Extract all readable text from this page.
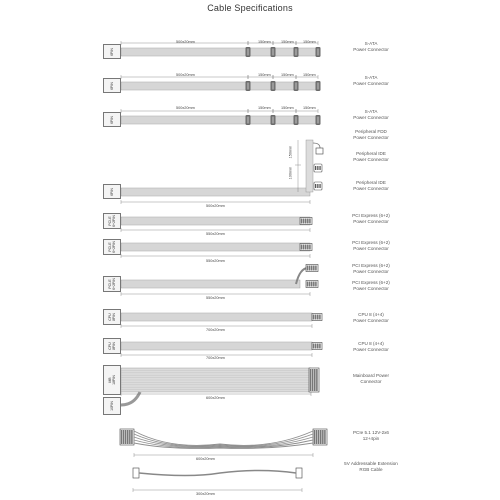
Cable Specifications
6PIN
6PIN
6PIN
6PIN
PCI-E
6+2PIN
PCI-E
6+2PIN
PCI-E
6+2PIN
CPU
8PIN
CPU
8PIN
MB
18PIN
10PIN
S-ATA
Power Connector
S-ATA
Power Connector
S-ATA
Power Connector
Peripheral FDD
Power Connector
Peripheral IDE
Power Connector
Peripheral IDE
Power Connector
PCI Express (6+2)
Power Connector
PCI Express (6+2)
Power Connector
PCI Express (6+2)
Power Connector
PCI Express (6+2)
Power Connector
CPU 8 (4+4)
Power Connector
CPU 8 (4+4)
Power Connector
Mainboard Power
Connector
PCIe 5.1 12V-2x6
12+4pin
5V Addressable Extension
RGB Cable
500x20mm	150mm	150mm 150mm
500x20mm	150mm	150mm 150mm
500x20mm	150mm	150mm 150mm
150mm
100mm
500x20mm
550x20mm
550x20mm
550x20mm
700x20mm
700x20mm
600x20mm
600x20mm
300x20mm
